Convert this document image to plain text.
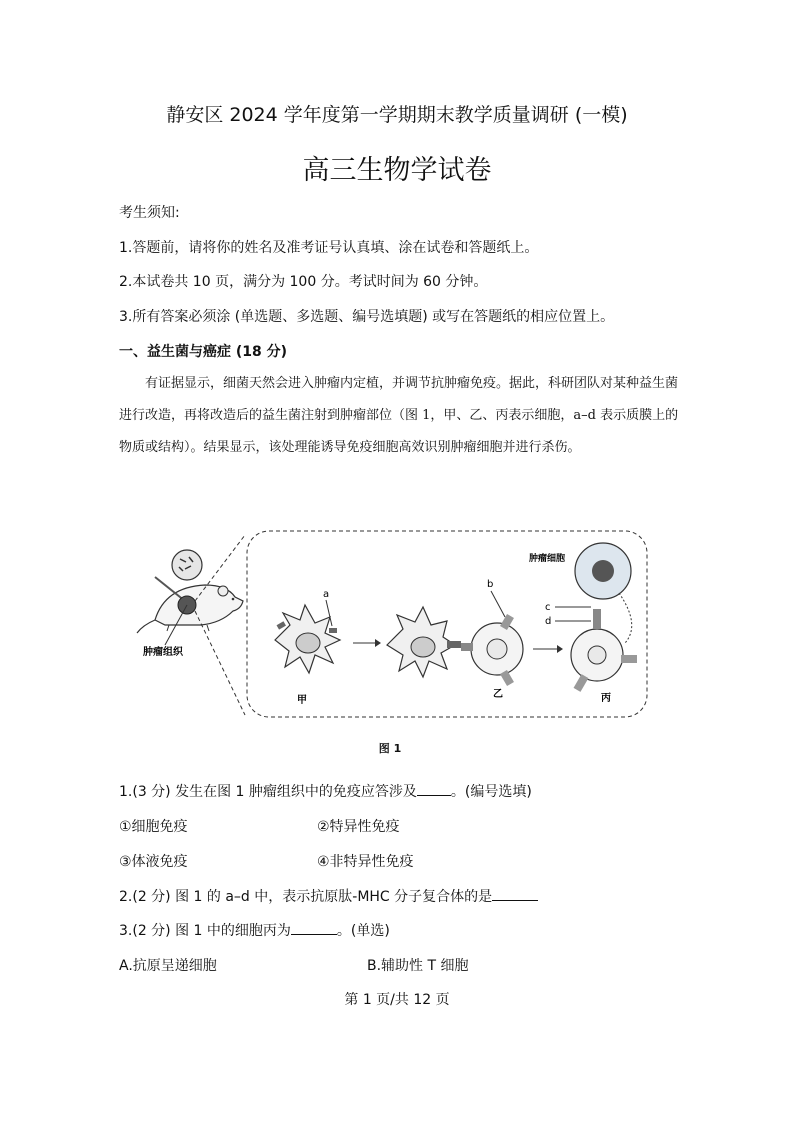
静安区 2024 学年度第一学期期末教学质量调研 (一模)
高三生物学试卷
考生须知:
1.答题前，请将你的姓名及准考证号认真填、涂在试卷和答题纸上。
2.本试卷共 10 页，满分为 100 分。考试时间为 60 分钟。
3.所有答案必须涂 (单选题、多选题、编号选填题) 或写在答题纸的相应位置上。
一、益生菌与癌症 (18 分)
有证据显示，细菌天然会进入肿瘤内定植，并调节抗肿瘤免疫。据此，科研团队对某种益生菌进行改造，再将改造后的益生菌注射到肿瘤部位（图 1，甲、乙、丙表示细胞，a–d 表示质膜上的物质或结构）。结果显示，该处理能诱导免疫细胞高效识别肿瘤细胞并进行杀伤。
肿瘤组织
a
甲
b
乙
肿瘤细胞
c
d
丙
图 1
1.(3 分) 发生在图 1 肿瘤组织中的免疫应答涉及 。(编号选填)
①细胞免疫	②特异性免疫
③体液免疫	④非特异性免疫
2.(2 分) 图 1 的 a–d 中，表示抗原肽-MHC 分子复合体的是
3.(2 分) 图 1 中的细胞丙为	。(单选)
A.抗原呈递细胞	B.辅助性 T 细胞
第 1 页/共 12 页
